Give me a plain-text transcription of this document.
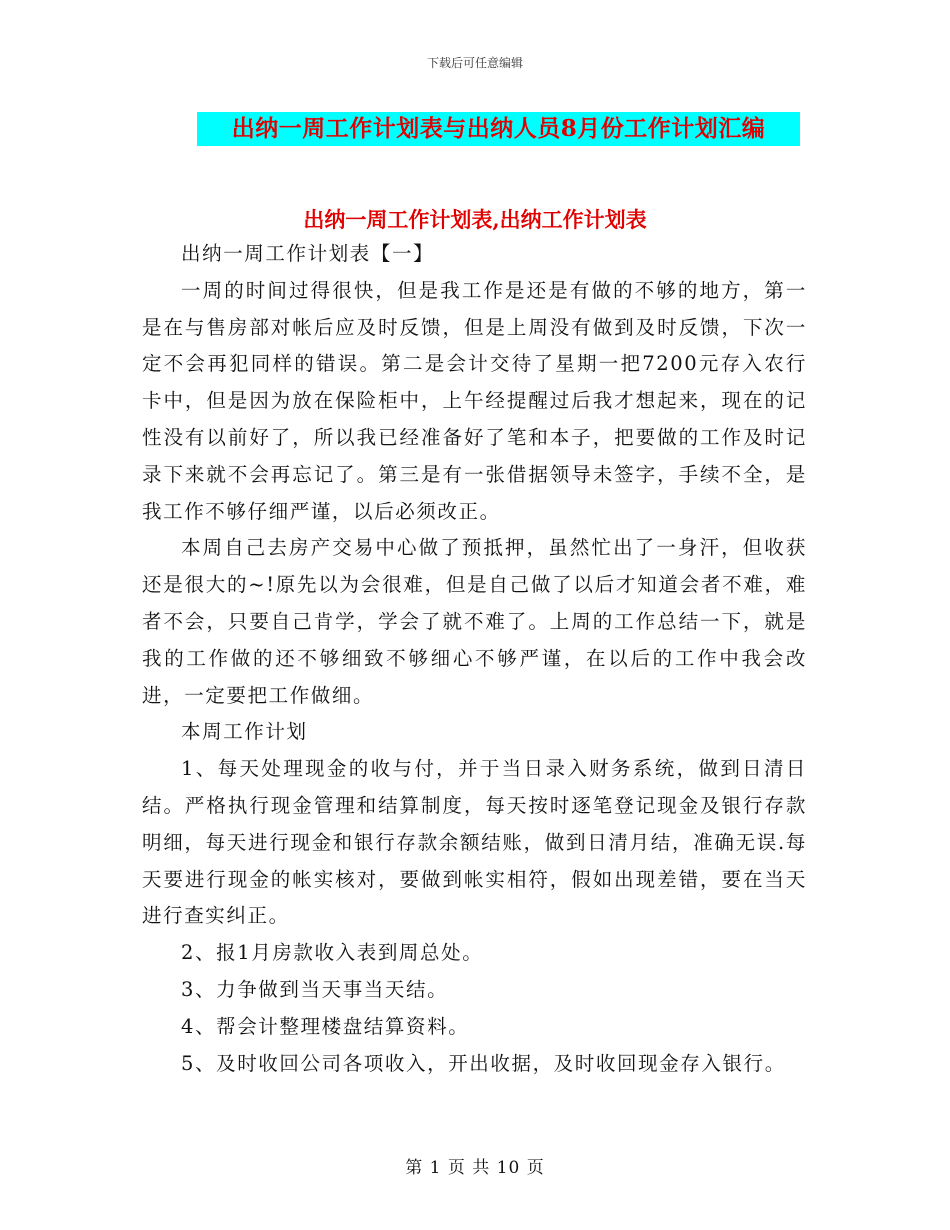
下载后可任意编辑
出纳一周工作计划表与出纳人员8月份工作计划汇编
出纳一周工作计划表,出纳工作计划表

出纳一周工作计划表【一】

一周的时间过得很快，但是我工作是还是有做的不够的地方，第一是在与售房部对帐后应及时反馈，但是上周没有做到及时反馈，下次一定不会再犯同样的错误。第二是会计交待了星期一把7200元存入农行卡中，但是因为放在保险柜中，上午经提醒过后我才想起来，现在的记性没有以前好了，所以我已经准备好了笔和本子，把要做的工作及时记录下来就不会再忘记了。第三是有一张借据领导未签字，手续不全，是我工作不够仔细严谨，以后必须改正。

本周自己去房产交易中心做了预抵押，虽然忙出了一身汗，但收获还是很大的~!原先以为会很难，但是自己做了以后才知道会者不难，难者不会，只要自己肯学，学会了就不难了。上周的工作总结一下，就是我的工作做的还不够细致不够细心不够严谨，在以后的工作中我会改进，一定要把工作做细。

本周工作计划

1、每天处理现金的收与付，并于当日录入财务系统，做到日清日结。严格执行现金管理和结算制度，每天按时逐笔登记现金及银行存款明细，每天进行现金和银行存款余额结账，做到日清月结，准确无误.每天要进行现金的帐实核对，要做到帐实相符，假如出现差错，要在当天进行查实纠正。

2、报1月房款收入表到周总处。

3、力争做到当天事当天结。

4、帮会计整理楼盘结算资料。

5、及时收回公司各项收入，开出收据，及时收回现金存入银行。

第 1 页 共 10 页
